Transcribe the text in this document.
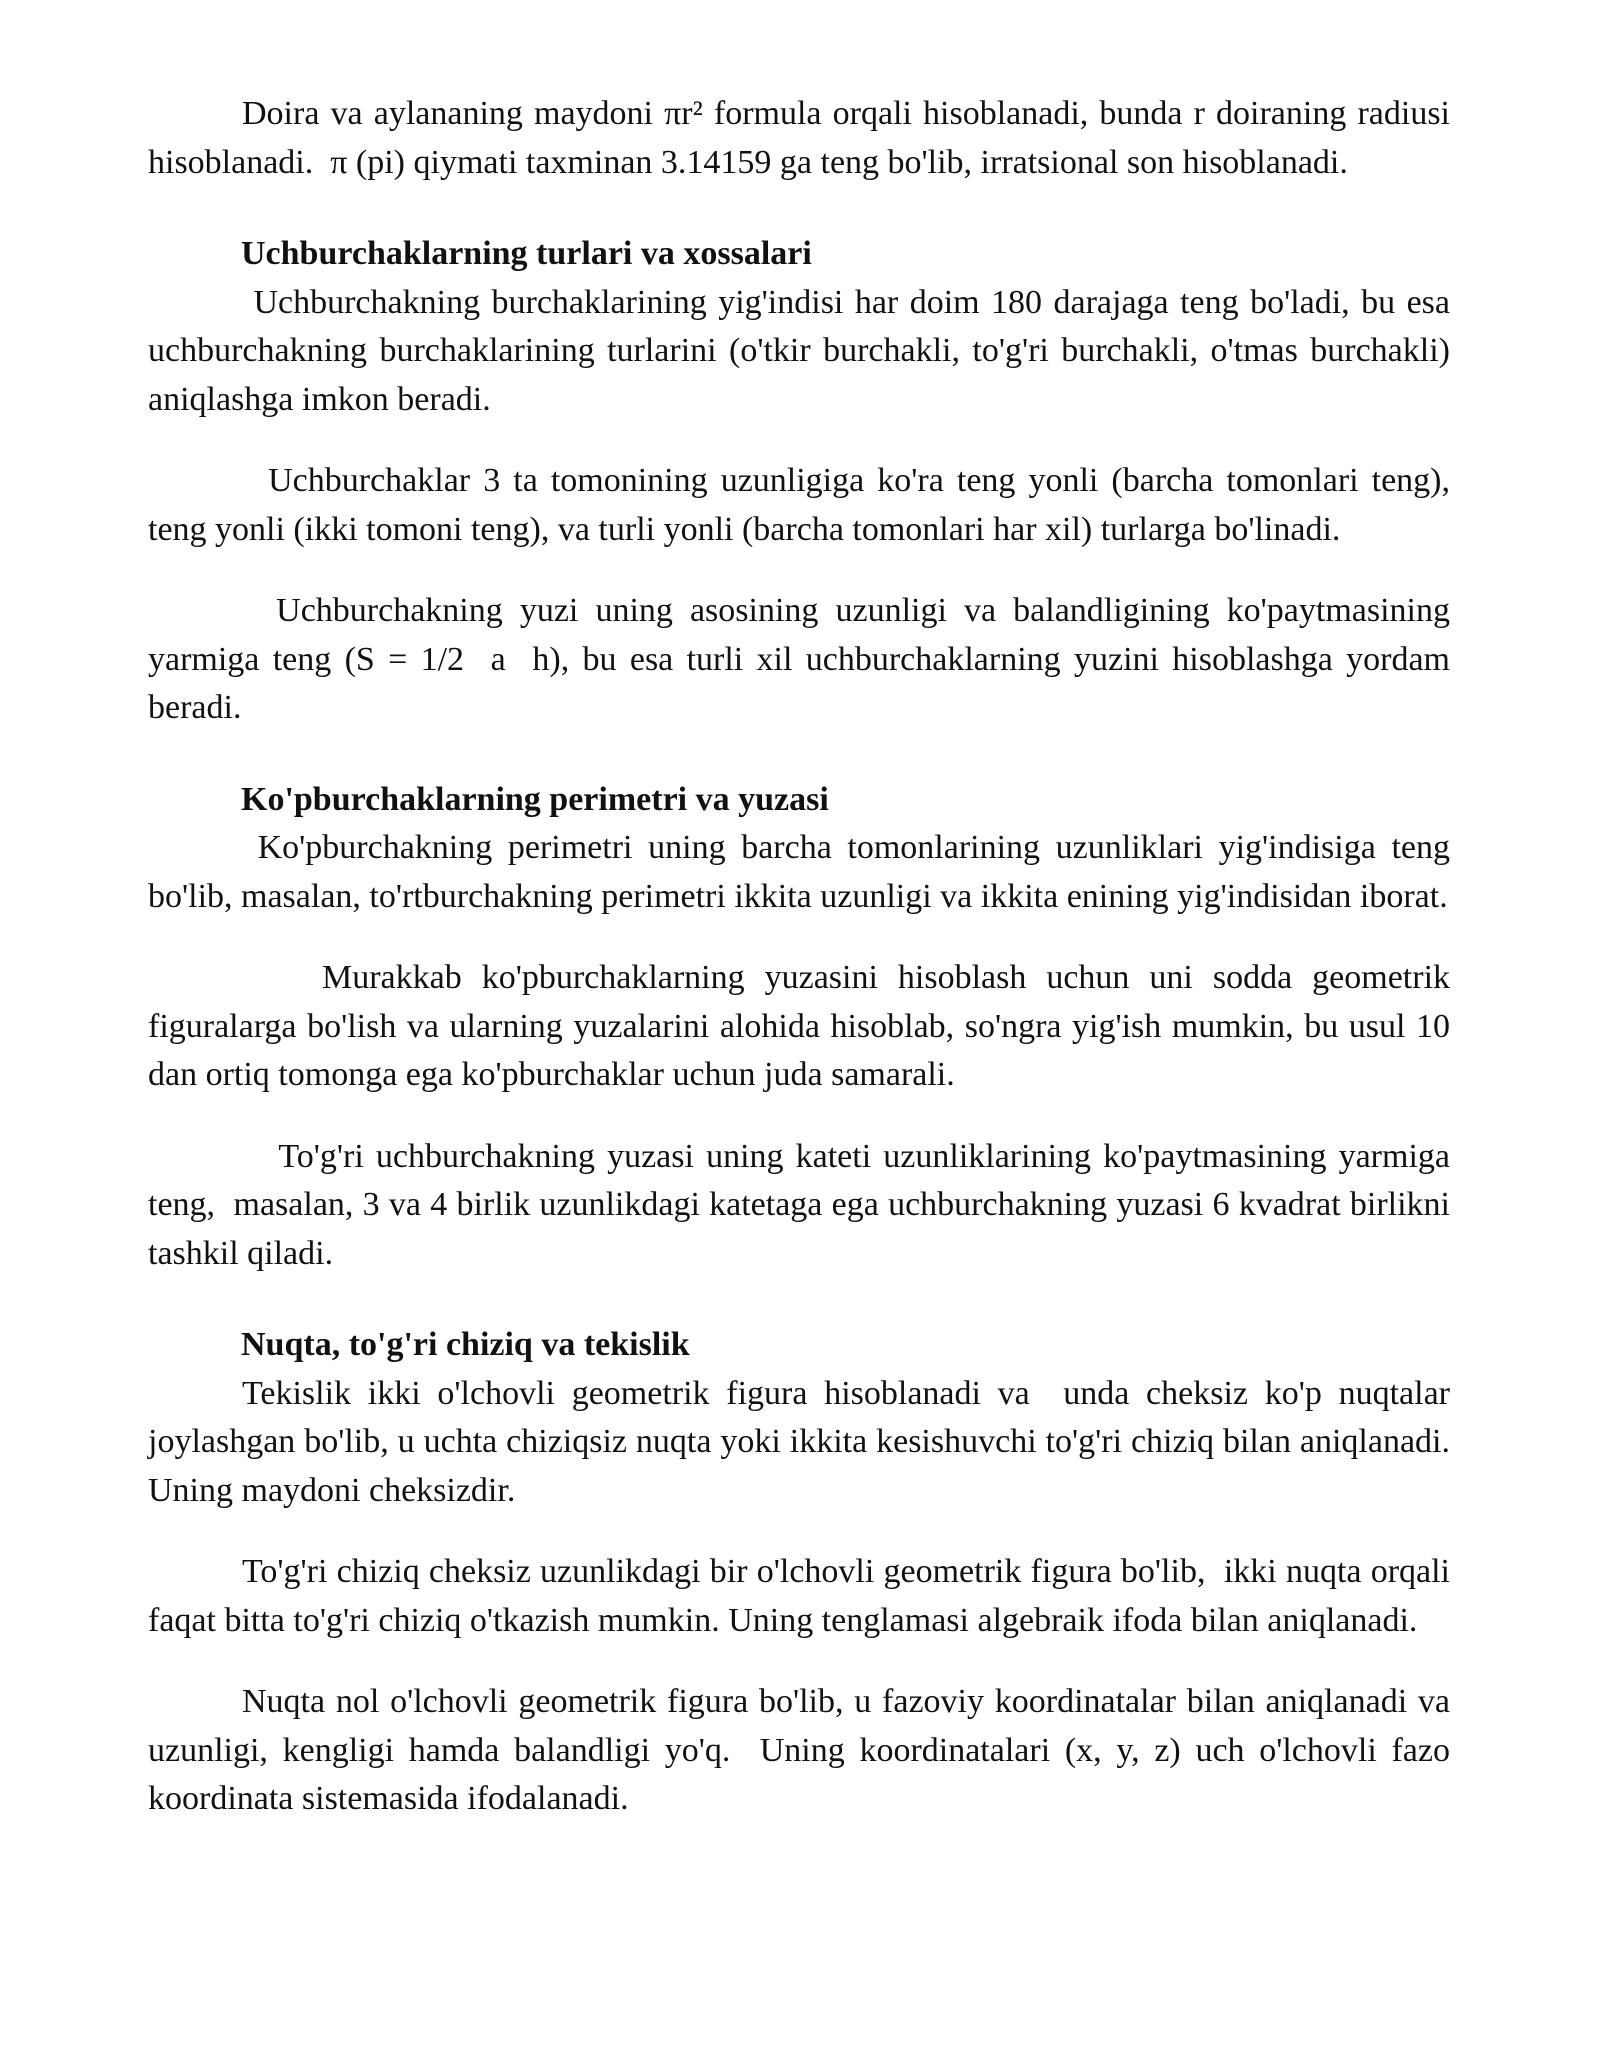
Doira va aylananing maydoni πr² formula orqali hisoblanadi, bunda r doiraning radiusi hisoblanadi.  π (pi) qiymati taxminan 3.14159 ga teng bo'lib, irratsional son hisoblanadi.

Uchburchaklarning turlari va xossalari

Uchburchakning burchaklarining yig'indisi har doim 180 darajaga teng bo'ladi, bu esa uchburchakning burchaklarining turlarini (o'tkir burchakli, to'g'ri burchakli, o'tmas burchakli) aniqlashga imkon beradi.

Uchburchaklar 3 ta tomonining uzunligiga ko'ra teng yonli (barcha tomonlari teng), teng yonli (ikki tomoni teng), va turli yonli (barcha tomonlari har xil) turlarga bo'linadi.

Uchburchakning yuzi uning asosining uzunligi va balandligining ko'paytmasining yarmiga teng (S = 1/2  a  h), bu esa turli xil uchburchaklarning yuzini hisoblashga yordam beradi.

Ko'pburchaklarning perimetri va yuzasi

Ko'pburchakning perimetri uning barcha tomonlarining uzunliklari yig'indisiga teng bo'lib, masalan, to'rtburchakning perimetri ikkita uzunligi va ikkita enining yig'indisidan iborat.

Murakkab ko'pburchaklarning yuzasini hisoblash uchun uni sodda geometrik figuralarga bo'lish va ularning yuzalarini alohida hisoblab, so'ngra yig'ish mumkin, bu usul 10 dan ortiq tomonga ega ko'pburchaklar uchun juda samarali.

To'g'ri uchburchakning yuzasi uning kateti uzunliklarining ko'paytmasining yarmiga teng,  masalan, 3 va 4 birlik uzunlikdagi katetaga ega uchburchakning yuzasi 6 kvadrat birlikni tashkil qiladi.

Nuqta, to'g'ri chiziq va tekislik

Tekislik ikki o'lchovli geometrik figura hisoblanadi va  unda cheksiz ko'p nuqtalar joylashgan bo'lib, u uchta chiziqsiz nuqta yoki ikkita kesishuvchi to'g'ri chiziq bilan aniqlanadi.  Uning maydoni cheksizdir.

To'g'ri chiziq cheksiz uzunlikdagi bir o'lchovli geometrik figura bo'lib,  ikki nuqta orqali faqat bitta to'g'ri chiziq o'tkazish mumkin. Uning tenglamasi algebraik ifoda bilan aniqlanadi.

Nuqta nol o'lchovli geometrik figura bo'lib, u fazoviy koordinatalar bilan aniqlanadi va uzunligi, kengligi hamda balandligi yo'q.  Uning koordinatalari (x, y, z) uch o'lchovli fazo koordinata sistemasida ifodalanadi.
